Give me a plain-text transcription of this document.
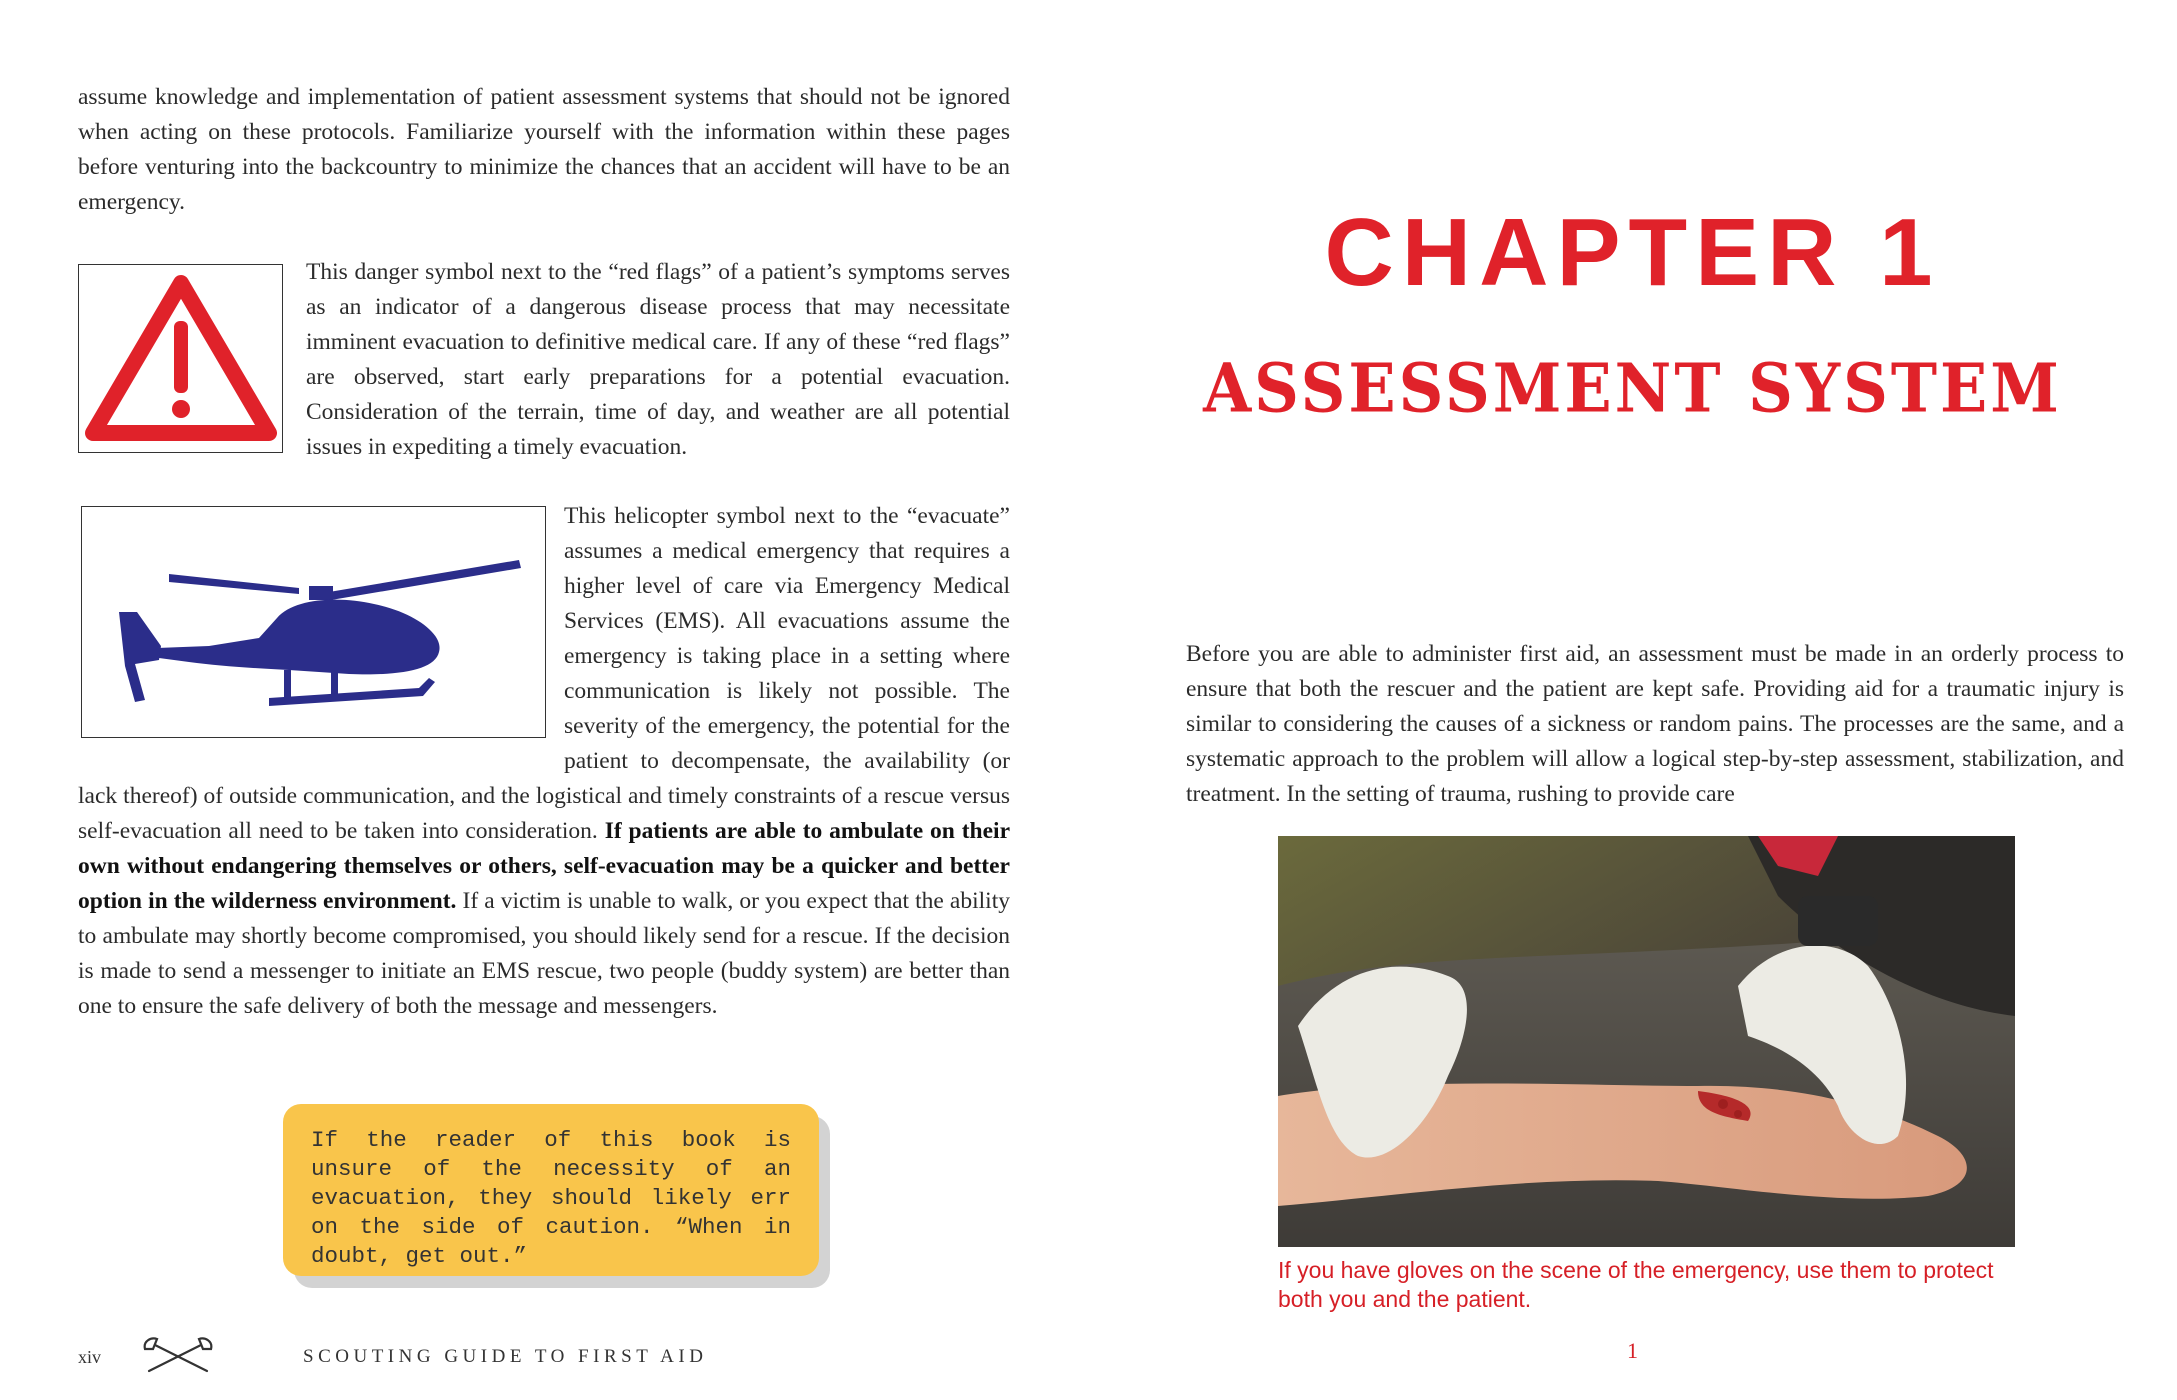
assume knowledge and implementation of patient assessment systems that should not be ignored when acting on these protocols. Familiarize yourself with the information within these pages before venturing into the backcountry to minimize the chances that an accident will have to be an emergency.

This danger symbol next to the “red flags” of a patient’s symptoms serves as an indicator of a dangerous disease process that may necessitate imminent evacuation to definitive medical care. If any of these “red flags” are observed, start early preparations for a potential evacuation. Consideration of the terrain, time of day, and weather are all potential issues in expediting a timely evacuation.

This helicopter symbol next to the “evacuate” assumes a medical emergency that requires a higher level of care via Emergency Medical Services (EMS). All evacuations assume the emergency is taking place in a setting where communication is likely not possible. The severity of the emergency, the potential for the patient to decompensate, the availability (or lack thereof) of outside communication, and the logistical and timely constraints of a rescue versus self-evacuation all need to be taken into consideration. If patients are able to ambulate on their own without endangering themselves or others, self-evacuation may be a quicker and better option in the wilderness environment. If a victim is unable to walk, or you expect that the ability to ambulate may shortly become compromised, you should likely send for a rescue. If the decision is made to send a messenger to initiate an EMS rescue, two people (buddy system) are better than one to ensure the safe delivery of both the message and messengers.

If the reader of this book is unsure of the necessity of an evacuation, they should likely err on the side of caution. “When in doubt, get out.”

xiv	SCOUTING GUIDE TO FIRST AID
CHAPTER 1
ASSESSMENT SYSTEM

Before you are able to administer first aid, an assessment must be made in an orderly process to ensure that both the rescuer and the patient are kept safe. Providing aid for a traumatic injury is similar to considering the causes of a sickness or random pains. The processes are the same, and a systematic approach to the problem will allow a logical step-by-step assessment, stabilization, and treatment. In the setting of trauma, rushing to provide care

If you have gloves on the scene of the emergency, use them to protect both you and the patient.

1
